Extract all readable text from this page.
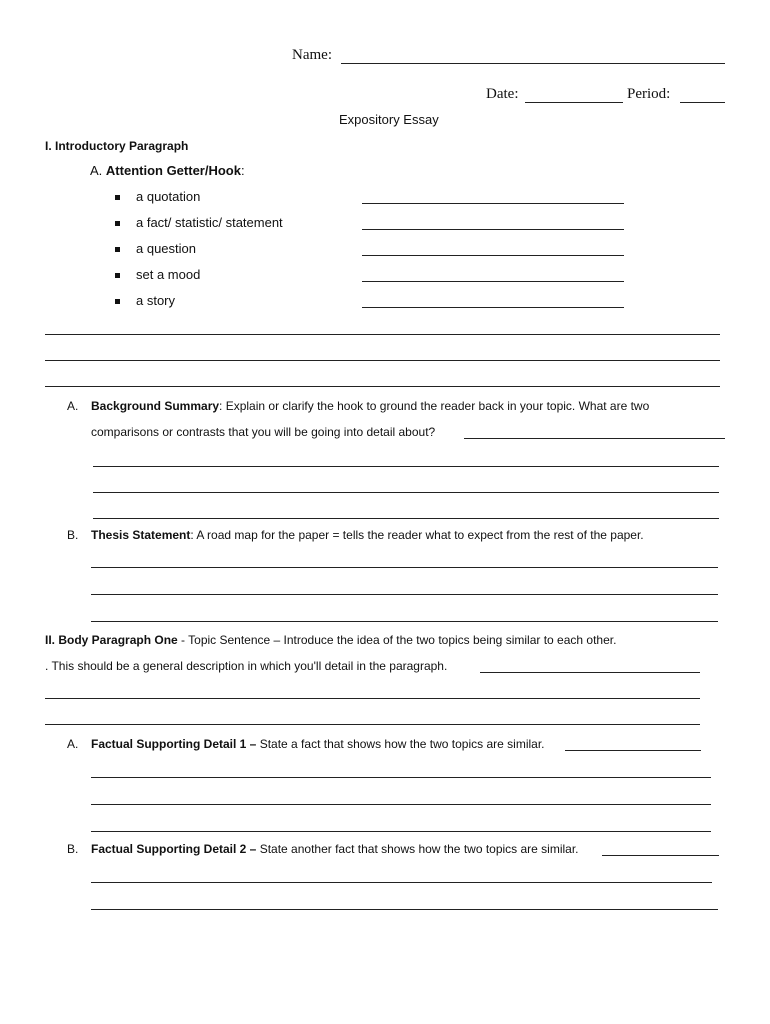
Name:
Date:	Period:
Expository Essay
I. Introductory Paragraph
A. Attention Getter/Hook:
a quotation
a fact/ statistic/ statement
a question
set a mood
a story
A. Background Summary: Explain or clarify the hook to ground the reader back in your topic. What are two
comparisons or contrasts that you will be going into detail about?
B. Thesis Statement: A road map for the paper = tells the reader what to expect from the rest of the paper.
II. Body Paragraph One - Topic Sentence – Introduce the idea of the two topics being similar to each other.
. This should be a general description in which you'll detail in the paragraph.
A. Factual Supporting Detail 1 – State a fact that shows how the two topics are similar.
B. Factual Supporting Detail 2 – State another fact that shows how the two topics are similar.
